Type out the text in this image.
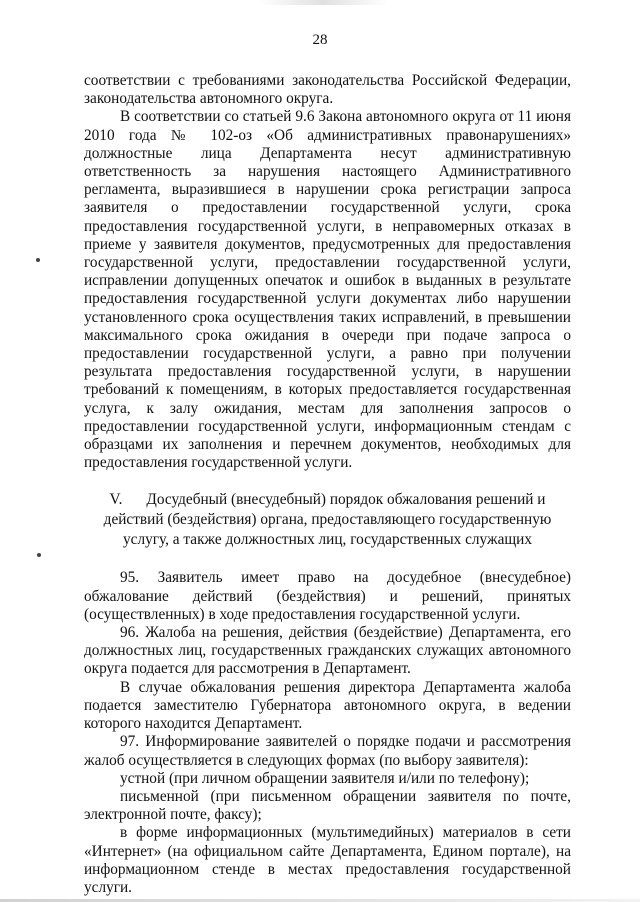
28

соответствии с требованиями законодательства Российской Федерации, законодательства автономного округа.

В соответствии со статьей 9.6 Закона автономного округа от 11 июня 2010 года № 102-оз «Об административных правонарушениях» должностные лица Департамента несут административную ответственность за нарушения настоящего Административного регламента, выразившиеся в нарушении срока регистрации запроса заявителя о предоставлении государственной услуги, срока предоставления государственной услуги, в неправомерных отказах в приеме у заявителя документов, предусмотренных для предоставления государственной услуги, предоставлении государственной услуги, исправлении допущенных опечаток и ошибок в выданных в результате предоставления государственной услуги документах либо нарушении установленного срока осуществления таких исправлений, в превышении максимального срока ожидания в очереди при подаче запроса о предоставлении государственной услуги, а равно при получении результата предоставления государственной услуги, в нарушении требований к помещениям, в которых предоставляется государственная услуга, к залу ожидания, местам для заполнения запросов о предоставлении государственной услуги, информационным стендам с образцами их заполнения и перечнем документов, необходимых для предоставления государственной услуги.

V. Досудебный (внесудебный) порядок обжалования решений и действий (бездействия) органа, предоставляющего государственную услугу, а также должностных лиц, государственных служащих

95. Заявитель имеет право на досудебное (внесудебное) обжалование действий (бездействия) и решений, принятых (осуществленных) в ходе предоставления государственной услуги.

96. Жалоба на решения, действия (бездействие) Департамента, его должностных лиц, государственных гражданских служащих автономного округа подается для рассмотрения в Департамент.

В случае обжалования решения директора Департамента жалоба подается заместителю Губернатора автономного округа, в ведении которого находится Департамент.

97. Информирование заявителей о порядке подачи и рассмотрения жалоб осуществляется в следующих формах (по выбору заявителя):

устной (при личном обращении заявителя и/или по телефону);

письменной (при письменном обращении заявителя по почте, электронной почте, факсу);

в форме информационных (мультимедийных) материалов в сети «Интернет» (на официальном сайте Департамента, Едином портале), на информационном стенде в местах предоставления государственной услуги.
